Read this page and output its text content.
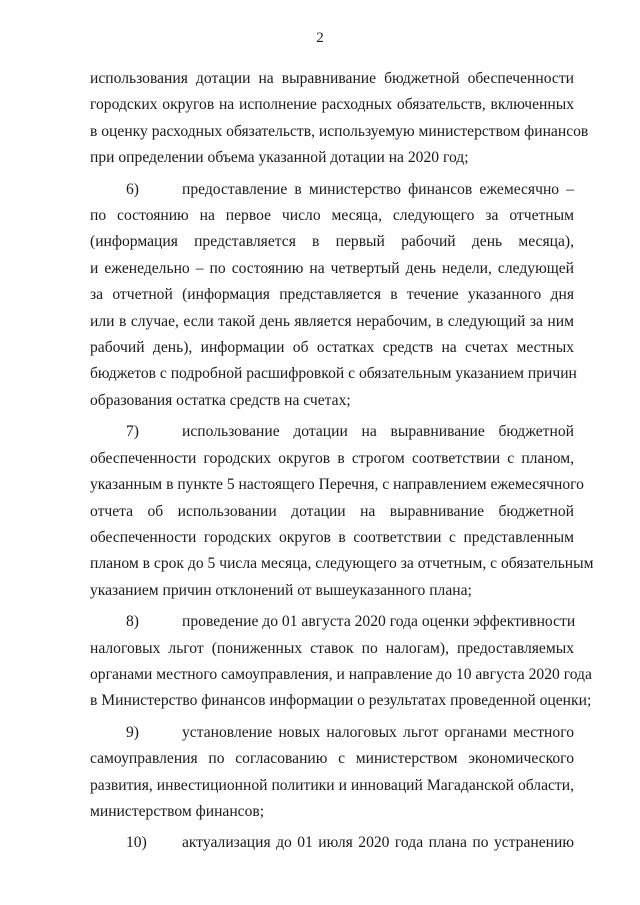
2
использования дотации на выравнивание бюджетной обеспеченности
городских округов на исполнение расходных обязательств, включенных
в оценку расходных обязательств, используемую министерством финансов
при определении объема указанной дотации на 2020 год;
6)	предоставление в министерство финансов ежемесячно –
по состоянию на первое число месяца, следующего за отчетным
(информация представляется в первый рабочий день месяца),
и еженедельно – по состоянию на четвертый день недели, следующей
за отчетной (информация представляется в течение указанного дня
или в случае, если такой день является нерабочим, в следующий за ним
рабочий день), информации об остатках средств на счетах местных
бюджетов с подробной расшифровкой с обязательным указанием причин
образования остатка средств на счетах;
7)	использование дотации на выравнивание бюджетной
обеспеченности городских округов в строгом соответствии с планом,
указанным в пункте 5 настоящего Перечня, с направлением ежемесячного
отчета об использовании дотации на выравнивание бюджетной
обеспеченности городских округов в соответствии с представленным
планом в срок до 5 числа месяца, следующего за отчетным, с обязательным
указанием причин отклонений от вышеуказанного плана;
8)	проведение до 01 августа 2020 года оценки эффективности
налоговых льгот (пониженных ставок по налогам), предоставляемых
органами местного самоуправления, и направление до 10 августа 2020 года
в Министерство финансов информации о результатах проведенной оценки;
9)	установление новых налоговых льгот органами местного
самоуправления по согласованию с министерством экономического
развития, инвестиционной политики и инноваций Магаданской области,
министерством финансов;
10) актуализация до 01 июля 2020 года плана по устранению
